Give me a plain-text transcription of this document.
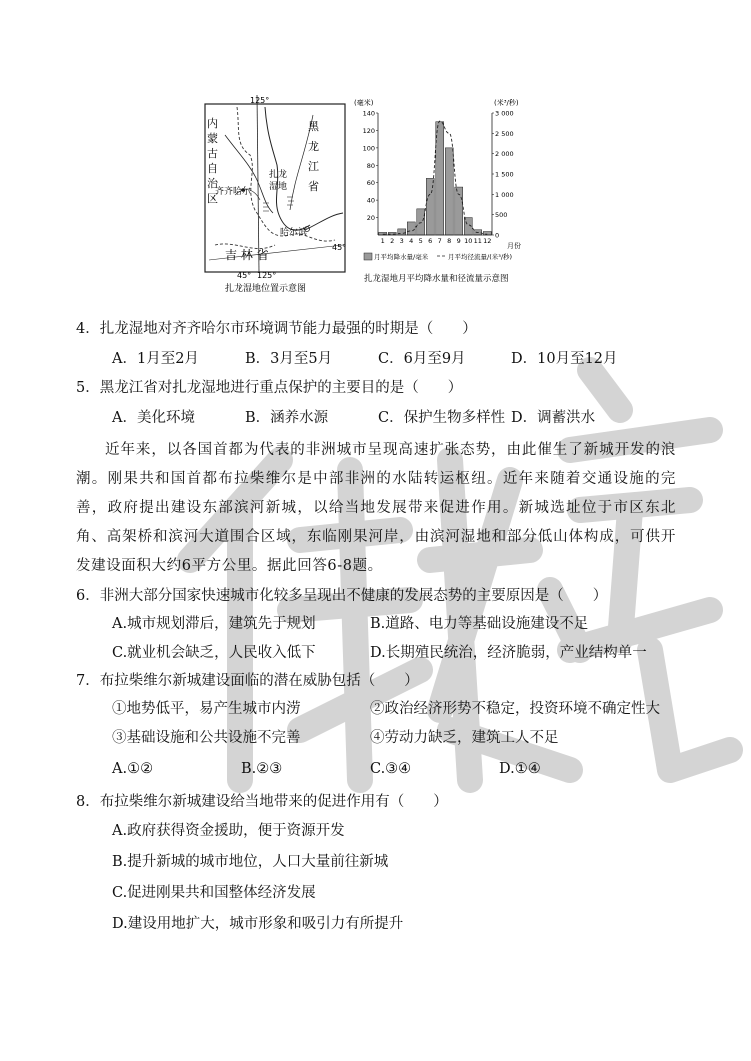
125°
125°
45°
45°
内
蒙
古
自
治
区
黑
龙
江
省
吉 林 省
齐齐哈尔
哈尔滨
扎龙
湿地
扎龙湿地位置示意图
(毫米)	(米³/秒)
140
120
100
80
60
40
20
3 000
2 500
2 000
1 500
1 000
500
0
1 2 3 4 5 6 7 8 9 10 11 12
月份
月平均降水量/毫米	月平均径流量/(米³/秒)
扎龙湿地月平均降水量和径流量示意图
4．扎龙湿地对齐齐哈尔市环境调节能力最强的时期是（　　）
A．1月至2月	B．3月至5月	C．6月至9月	D．10月至12月
5．黑龙江省对扎龙湿地进行重点保护的主要目的是（　　）
A．美化环境	B．涵养水源	C．保护生物多样性 D．调蓄洪水
近年来，以各国首都为代表的非洲城市呈现高速扩张态势，由此催生了新城开发的浪潮。刚果共和国首都布拉柴维尔是中部非洲的水陆转运枢纽。近年来随着交通设施的完善，政府提出建设东部滨河新城，以给当地发展带来促进作用。新城选址位于市区东北角、高架桥和滨河大道围合区域，东临刚果河岸，由滨河湿地和部分低山体构成，可供开发建设面积大约6平方公里。据此回答6-8题。
6．非洲大部分国家快速城市化较多呈现出不健康的发展态势的主要原因是（　　）
A.城市规划滞后，建筑先于规划	B.道路、电力等基础设施建设不足
C.就业机会缺乏，人民收入低下	D.长期殖民统治，经济脆弱，产业结构单一
7．布拉柴维尔新城建设面临的潜在威胁包括（　　）
①地势低平，易产生城市内涝	②政治经济形势不稳定，投资环境不确定性大
③基础设施和公共设施不完善	④劳动力缺乏，建筑工人不足
A.①②	B.②③	C.③④	D.①④
8．布拉柴维尔新城建设给当地带来的促进作用有（　　）
A.政府获得资金援助，便于资源开发
B.提升新城的城市地位，人口大量前往新城
C.促进刚果共和国整体经济发展
D.建设用地扩大，城市形象和吸引力有所提升
